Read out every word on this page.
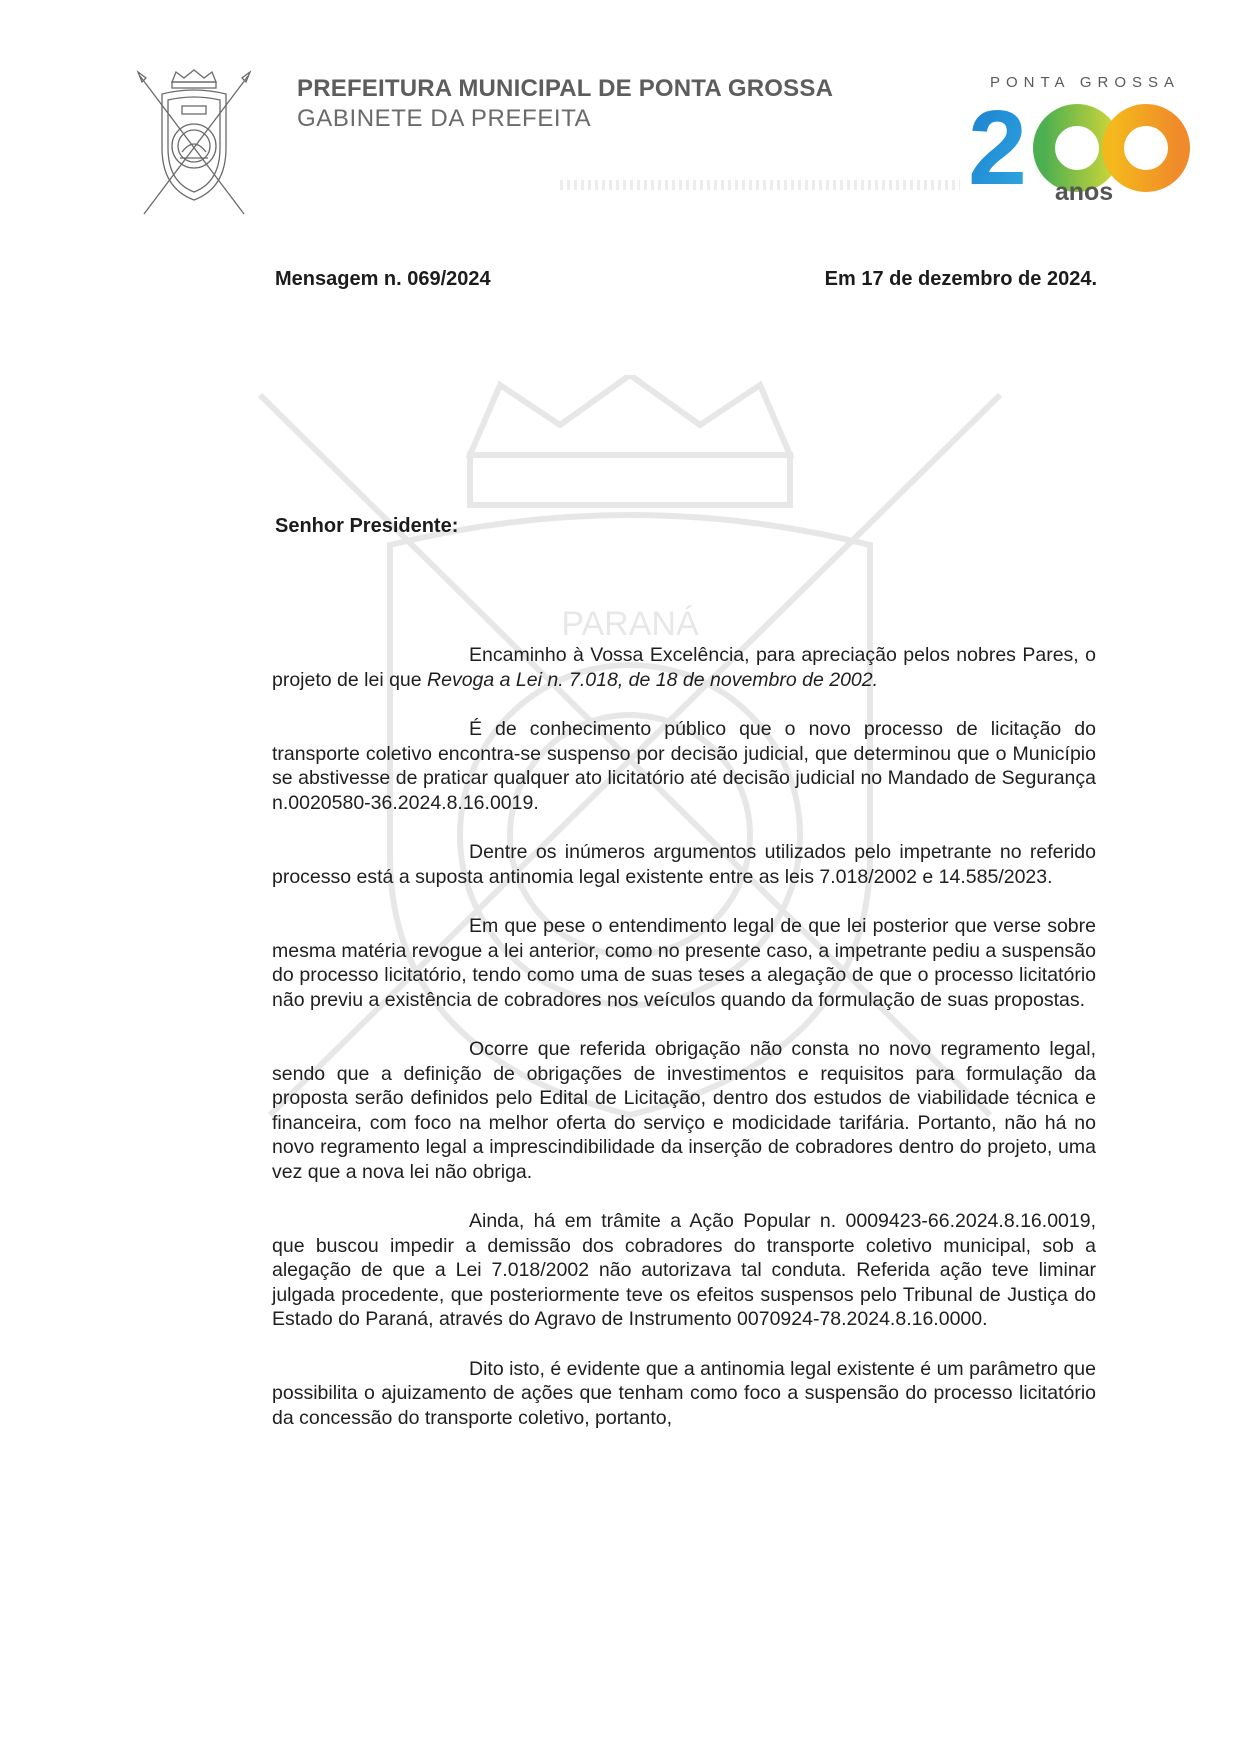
PREFEITURA MUNICIPAL DE PONTA GROSSA
GABINETE DA PREFEITA
PONTA GROSSA
2	anos
PARANÁ
Mensagem n. 069/2024	Em 17 de dezembro de 2024.
Senhor Presidente:

Encaminho à Vossa Excelência, para apreciação pelos nobres Pares, o projeto de lei que Revoga a Lei n. 7.018, de 18 de novembro de 2002.

É de conhecimento público que o novo processo de licitação do transporte coletivo encontra-se suspenso por decisão judicial, que determinou que o Município se abstivesse de praticar qualquer ato licitatório até decisão judicial no Mandado de Segurança n.0020580-36.2024.8.16.0019.

Dentre os inúmeros argumentos utilizados pelo impetrante no referido processo está a suposta antinomia legal existente entre as leis 7.018/2002 e 14.585/2023.

Em que pese o entendimento legal de que lei posterior que verse sobre mesma matéria revogue a lei anterior, como no presente caso, a impetrante pediu a suspensão do processo licitatório, tendo como uma de suas teses a alegação de que o processo licitatório não previu a existência de cobradores nos veículos quando da formulação de suas propostas.

Ocorre que referida obrigação não consta no novo regramento legal, sendo que a definição de obrigações de investimentos e requisitos para formulação da proposta serão definidos pelo Edital de Licitação, dentro dos estudos de viabilidade técnica e financeira, com foco na melhor oferta do serviço e modicidade tarifária. Portanto, não há no novo regramento legal a imprescindibilidade da inserção de cobradores dentro do projeto, uma vez que a nova lei não obriga.

Ainda, há em trâmite a Ação Popular n. 0009423-66.2024.8.16.0019, que buscou impedir a demissão dos cobradores do transporte coletivo municipal, sob a alegação de que a Lei 7.018/2002 não autorizava tal conduta. Referida ação teve liminar julgada procedente, que posteriormente teve os efeitos suspensos pelo Tribunal de Justiça do Estado do Paraná, através do Agravo de Instrumento 0070924-78.2024.8.16.0000.

Dito isto, é evidente que a antinomia legal existente é um parâmetro que possibilita o ajuizamento de ações que tenham como foco a suspensão do processo licitatório da concessão do transporte coletivo, portanto,
